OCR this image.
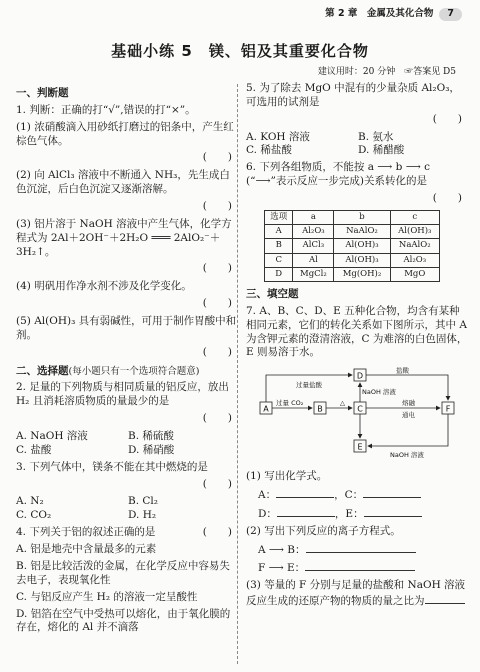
第 2 章　金属及其化合物	7
基础小练 5　镁、铝及其重要化合物
建议用时：20 分钟　☞答案见 D5
一、判断题

1. 判断：正确的打“√”,错误的打“×”。

(1) 浓硝酸滴入用砂纸打磨过的铝条中，产生红棕色气体。

(　　)

(2) 向 AlCl₃ 溶液中不断通入 NH₃，先生成白色沉淀，后白色沉淀又逐渐溶解。

(　　)

(3) 铝片溶于 NaOH 溶液中产生气体，化学方程式为 2Al＋2OH⁻＋2H₂O ═══ 2AlO₂⁻＋3H₂↑。

(　　)

(4) 明矾用作净水剂不涉及化学变化。

(　　)

(5) Al(OH)₃ 具有弱碱性，可用于制作胃酸中和剂。

(　　)
二、选择题(每小题只有一个选项符合题意)

2. 足量的下列物质与相同质量的铝反应，放出 H₂ 且消耗溶质物质的量最少的是

(　　)
A. NaOH 溶液	B. 稀硫酸
C. 盐酸	D. 稀硝酸

3. 下列气体中，镁条不能在其中燃烧的是

(　　)
A. N₂	B. Cl₂
C. CO₂	D. H₂

4. 下列关于铝的叙述正确的是	(　　)

A. 铝是地壳中含量最多的元素
B. 铝是比较活泼的金属，在化学反应中容易失去电子，表现氧化性
C. 与铝反应产生 H₂ 的溶液一定呈酸性
D. 铝箔在空气中受热可以熔化，由于氧化膜的存在，熔化的 Al 并不滴落

5. 为了除去 MgO 中混有的少量杂质 Al₂O₃，可选用的试剂是

(　　)
A. KOH 溶液	B. 氨水
C. 稀盐酸	D. 稀醋酸

6. 下列各组物质，不能按 a ⟶ b ⟶ c (“⟶”表示反应一步完成)关系转化的是

(　　)
选项	a	b	c
A	Al₂O₃	NaAlO₂	Al(OH)₃
B	AlCl₃	Al(OH)₃	NaAlO₂
C	Al	Al(OH)₃	Al₂O₃
D	MgCl₂	Mg(OH)₂	MgO
三、填空题

7. A、B、C、D、E 五种化合物，均含有某种相同元素，它们的转化关系如下图所示，其中 A 为含钾元素的澄清溶液，C 为难溶的白色固体，E 则易溶于水。

A	B	C
D
E
F
过量盐酸
盐酸
过量 CO₂	熔融
通电
NaOH 溶液
NaOH 溶液
△

(1) 写出化学式。

A：	，C：

D：	，E：

(2) 写出下列反应的离子方程式。

A ⟶ B：

F ⟶ E：

(3) 等量的 F 分别与足量的盐酸和 NaOH 溶液反应生成的还原产物的物质的量之比为
